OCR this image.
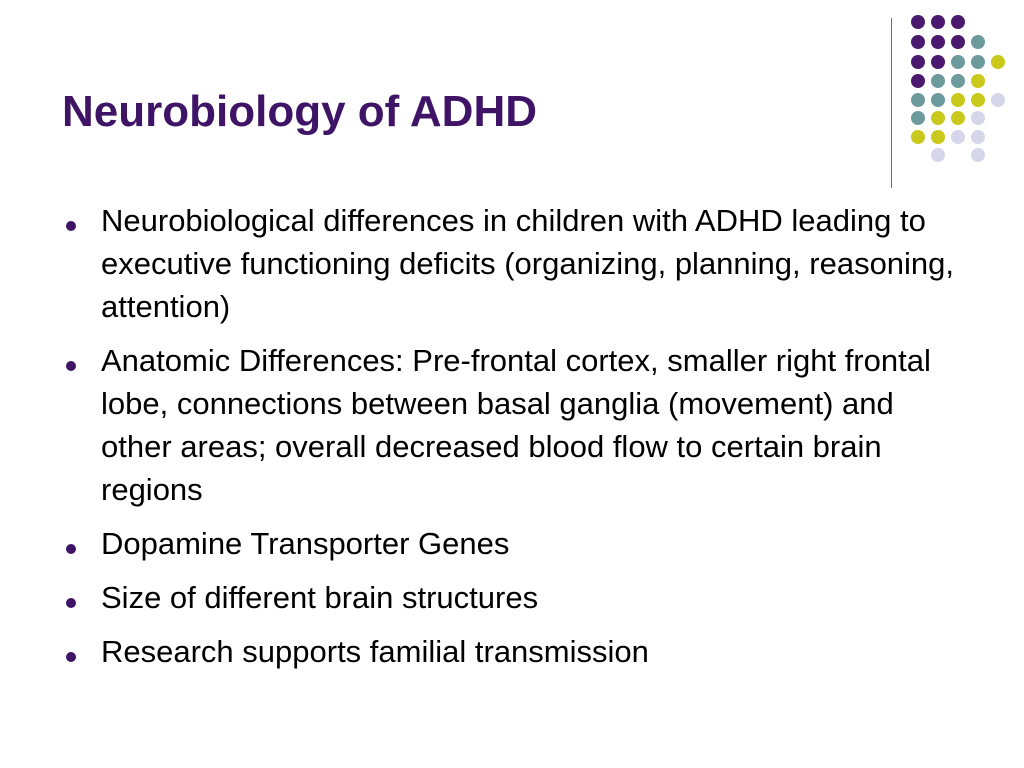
Neurobiology of ADHD
Neurobiological differences in children with ADHD leading to executive functioning deficits (organizing, planning, reasoning, attention)
Anatomic Differences: Pre-frontal cortex, smaller right frontal lobe, connections between basal ganglia (movement) and other areas; overall decreased blood flow to certain brain regions
Dopamine Transporter Genes
Size of different brain structures
Research supports familial transmission
